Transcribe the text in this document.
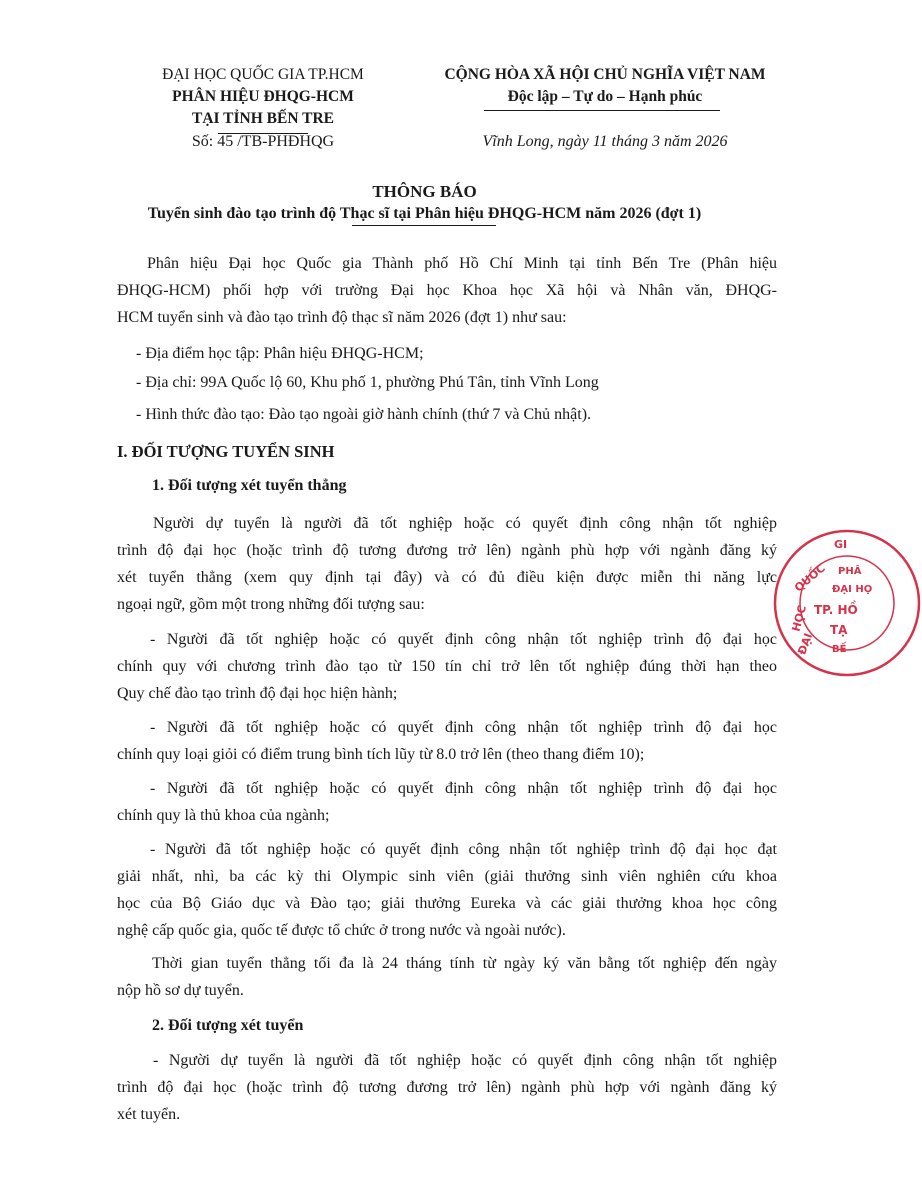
ĐẠI HỌC QUỐC GIA TP.HCM
PHÂN HIỆU ĐHQG-HCM
TẠI TỈNH BẾN TRE
Số: 45 /TB-PHĐHQG
CỘNG HÒA XÃ HỘI CHỦ NGHĨA VIỆT NAM
Độc lập – Tự do – Hạnh phúc
Vĩnh Long, ngày 11 tháng 3 năm 2026
THÔNG BÁO
Tuyển sinh đào tạo trình độ Thạc sĩ tại Phân hiệu ĐHQG-HCM năm 2026 (đợt 1)
Phân hiệu Đại học Quốc gia Thành phố Hồ Chí Minh tại tỉnh Bến Tre (Phân hiệu
ĐHQG-HCM) phối hợp với trường Đại học Khoa học Xã hội và Nhân văn, ĐHQG-
HCM tuyển sinh và đào tạo trình độ thạc sĩ năm 2026 (đợt 1) như sau:
- Địa điểm học tập: Phân hiệu ĐHQG-HCM;
- Địa chỉ: 99A Quốc lộ 60, Khu phố 1, phường Phú Tân, tỉnh Vĩnh Long
- Hình thức đào tạo: Đào tạo ngoài giờ hành chính (thứ 7 và Chủ nhật).
I. ĐỐI TƯỢNG TUYỂN SINH
1. Đối tượng xét tuyển thẳng
Người dự tuyển là người đã tốt nghiệp hoặc có quyết định công nhận tốt nghiệp
trình độ đại học (hoặc trình độ tương đương trở lên) ngành phù hợp với ngành đăng ký
xét tuyển thẳng (xem quy định tại đây) và có đủ điều kiện được miễn thi năng lực
ngoại ngữ, gồm một trong những đối tượng sau:
- Người đã tốt nghiệp hoặc có quyết định công nhận tốt nghiệp trình độ đại học
chính quy với chương trình đào tạo từ 150 tín chỉ trở lên tốt nghiệp đúng thời hạn theo
Quy chế đào tạo trình độ đại học hiện hành;
- Người đã tốt nghiệp hoặc có quyết định công nhận tốt nghiệp trình độ đại học
chính quy loại giỏi có điểm trung bình tích lũy từ 8.0 trở lên (theo thang điểm 10);
- Người đã tốt nghiệp hoặc có quyết định công nhận tốt nghiệp trình độ đại học
chính quy là thủ khoa của ngành;
- Người đã tốt nghiệp hoặc có quyết định công nhận tốt nghiệp trình độ đại học đạt
giải nhất, nhì, ba các kỳ thi Olympic sinh viên (giải thưởng sinh viên nghiên cứu khoa
học của Bộ Giáo dục và Đào tạo; giải thưởng Eureka và các giải thưởng khoa học công
nghệ cấp quốc gia, quốc tế được tổ chức ở trong nước và ngoài nước).
Thời gian tuyển thẳng tối đa là 24 tháng tính từ ngày ký văn bằng tốt nghiệp đến ngày
nộp hồ sơ dự tuyển.
2. Đối tượng xét tuyển
- Người dự tuyển là người đã tốt nghiệp hoặc có quyết định công nhận tốt nghiệp
trình độ đại học (hoặc trình độ tương đương trở lên) ngành phù hợp với ngành đăng ký
xét tuyển.
ĐẠI
QUỐC
HỌC
GI
PHÂ
ĐẠI HỌ
TP. HỒ
TẠ
BẾ
